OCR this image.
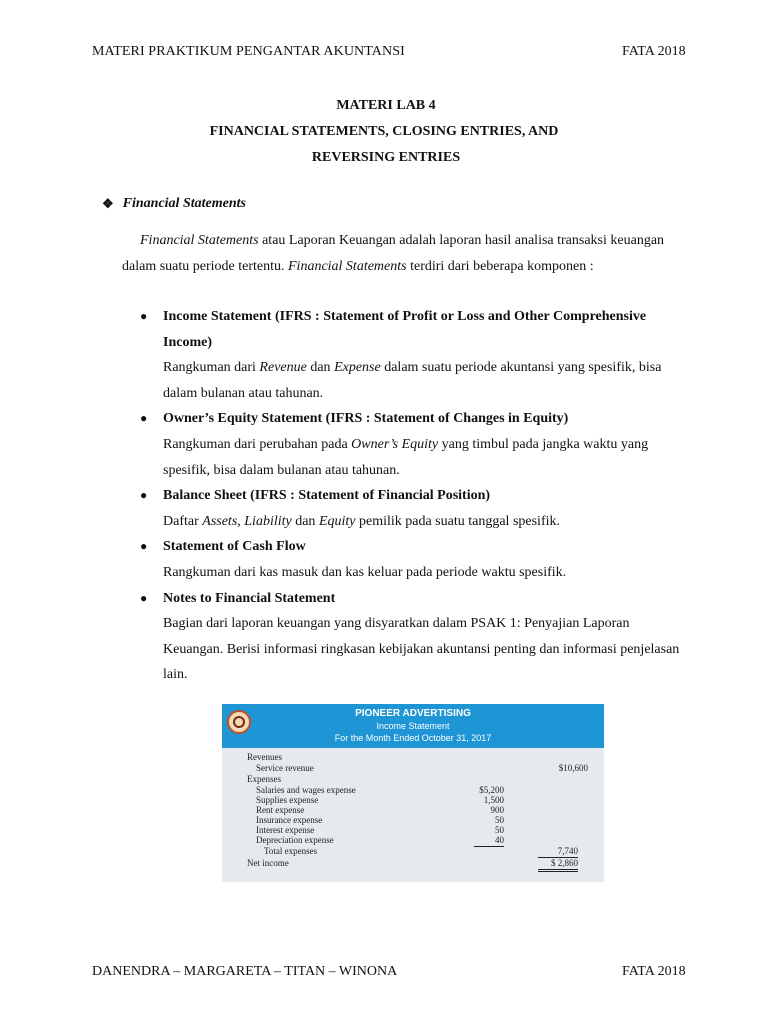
MATERI PRAKTIKUM PENGANTAR AKUNTANSI	FATA 2018
MATERI LAB 4
FINANCIAL STATEMENTS, CLOSING ENTRIES, AND
REVERSING ENTRIES
❖ Financial Statements
Financial Statements atau Laporan Keuangan adalah laporan hasil analisa transaksi keuangan dalam suatu periode tertentu. Financial Statements terdiri dari beberapa komponen :
● Income Statement (IFRS : Statement of Profit or Loss and Other Comprehensive Income)
Rangkuman dari Revenue dan Expense dalam suatu periode akuntansi yang spesifik, bisa dalam bulanan atau tahunan.
● Owner’s Equity Statement (IFRS : Statement of Changes in Equity)
Rangkuman dari perubahan pada Owner’s Equity yang timbul pada jangka waktu yang spesifik, bisa dalam bulanan atau tahunan.
● Balance Sheet (IFRS : Statement of Financial Position)
Daftar Assets, Liability dan Equity pemilik pada suatu tanggal spesifik.
● Statement of Cash Flow
Rangkuman dari kas masuk dan kas keluar pada periode waktu spesifik.
● Notes to Financial Statement
Bagian dari laporan keuangan yang disyaratkan dalam PSAK 1: Penyajian Laporan Keuangan. Berisi informasi ringkasan kebijakan akuntansi penting dan informasi penjelasan lain.
PIONEER ADVERTISING
Income Statement
For the Month Ended October 31, 2017
Revenues
Service revenue	$10,600
Expenses
Salaries and wages expense	$5,200
Supplies expense	1,500
Rent expense	900
Insurance expense	50
Interest expense	50
Depreciation expense	40
Total expenses	7,740
Net income	$ 2,860
DANENDRA – MARGARETA – TITAN – WINONA	FATA 2018
